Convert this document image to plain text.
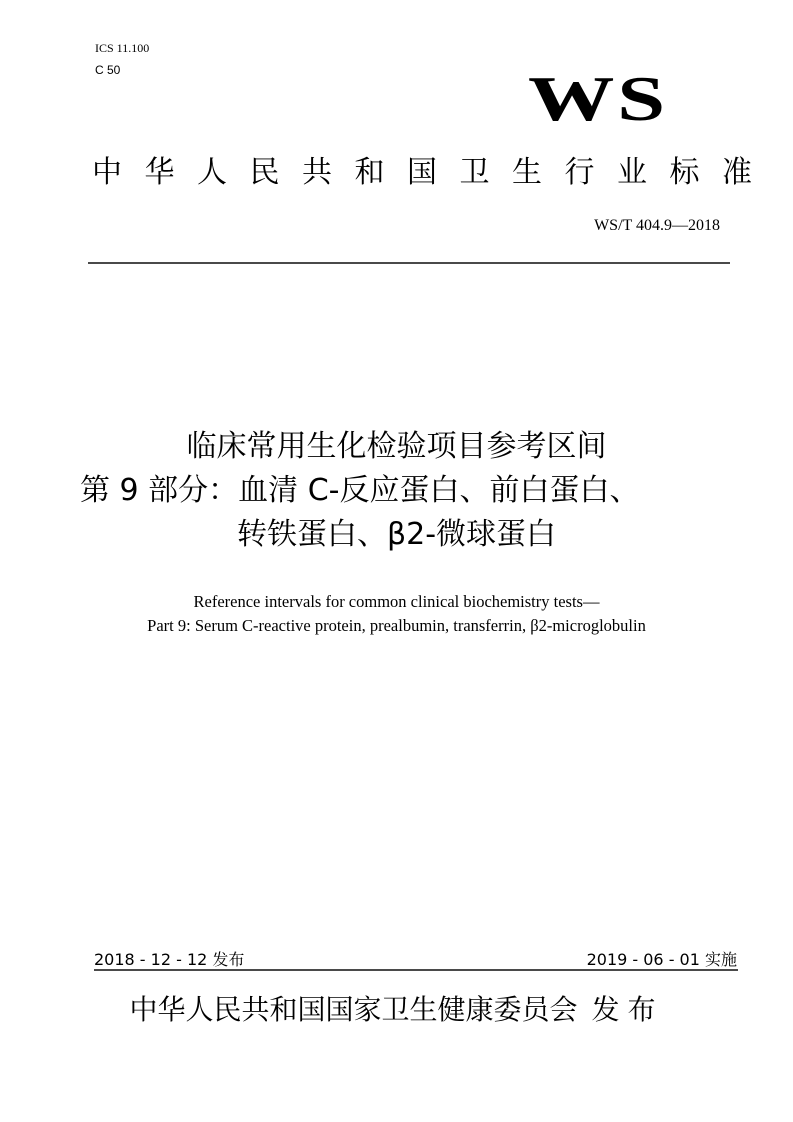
ICS 11.100
C 50	WS
中华人民共和国卫生行业标准
WS/T 404.9—2018
临床常用生化检验项目参考区间
第 9 部分：血清 C-反应蛋白、前白蛋白、
转铁蛋白、β2-微球蛋白
Reference intervals for common clinical biochemistry tests—
Part 9: Serum C-reactive protein, prealbumin, transferrin, β2-microglobulin
2018 - 12 - 12 发布	2019 - 06 - 01 实施
中华人民共和国国家卫生健康委员会 发布
